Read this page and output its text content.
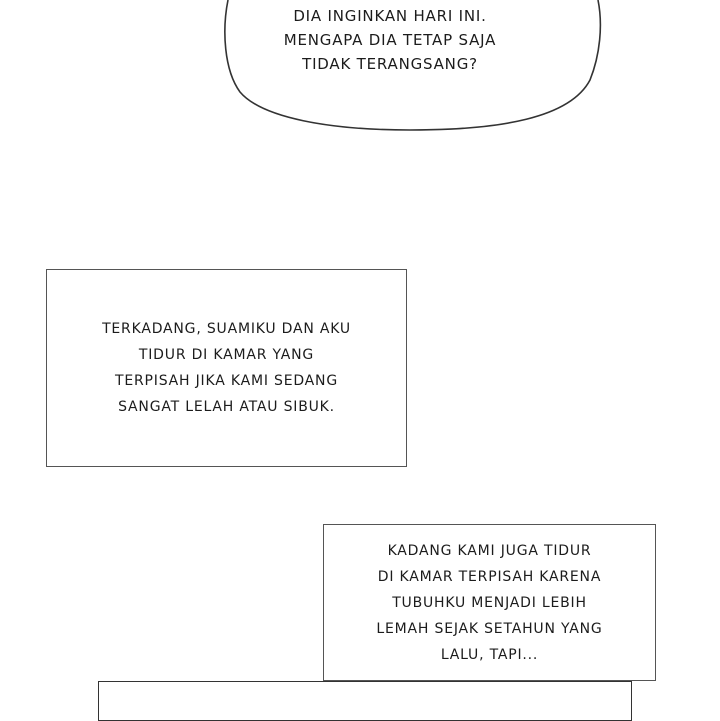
DIA INGINKAN HARI INI.
MENGAPA DIA TETAP SAJA
TIDAK TERANGSANG?
TERKADANG, SUAMIKU DAN AKU
TIDUR DI KAMAR YANG
TERPISAH JIKA KAMI SEDANG
SANGAT LELAH ATAU SIBUK.
KADANG KAMI JUGA TIDUR
DI KAMAR TERPISAH KARENA
TUBUHKU MENJADI LEBIH
LEMAH SEJAK SETAHUN YANG
LALU, TAPI...
